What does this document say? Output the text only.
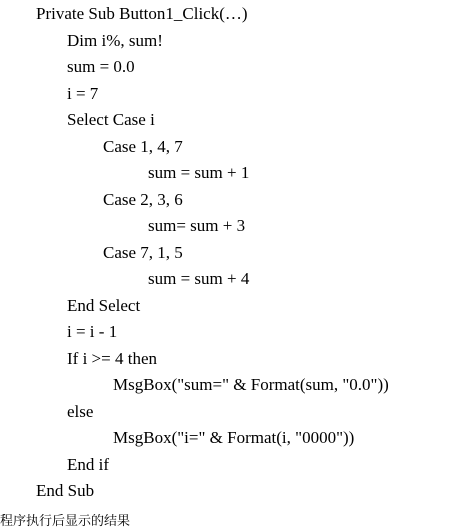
Private Sub Button1_Click(…)
Dim i%, sum!
sum = 0.0
i = 7
Select Case i
Case 1, 4, 7
sum = sum + 1
Case 2, 3, 6
sum= sum + 3
Case 7, 1, 5
sum = sum + 4
End Select
i = i - 1
If i >= 4 then
MsgBox("sum=" & Format(sum, "0.0"))
else
MsgBox("i=" & Format(i, "0000"))
End if
End Sub
程序执行后显示的结果
